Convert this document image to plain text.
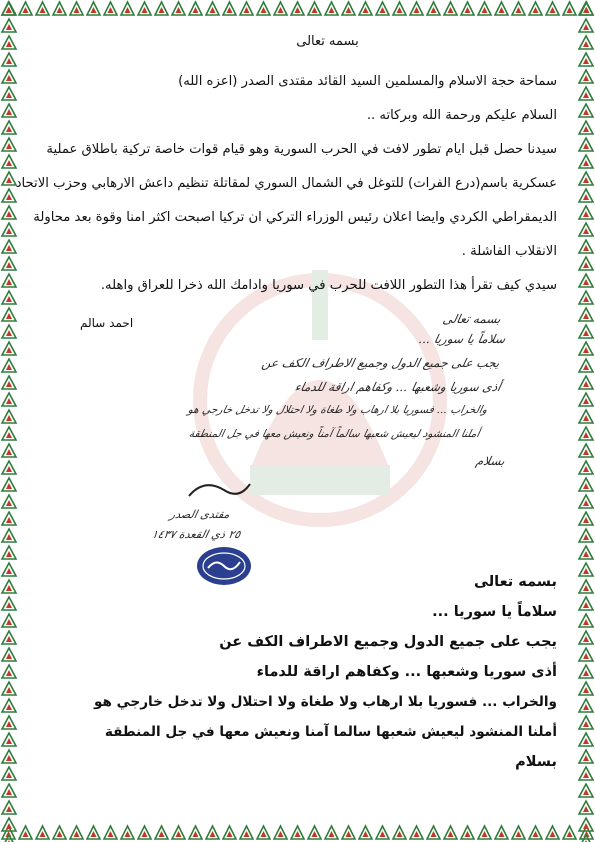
بسمه تعالى
سماحة حجة الاسلام والمسلمين السيد القائد مقتدى الصدر (اعزه الله)
السلام عليكم ورحمة الله وبركاته ..
سيدنا حصل قبل ايام تطور لافت في الحرب السورية وهو قيام قوات خاصة تركية باطلاق عملية
عسكرية باسم(درع الفرات) للتوغل في الشمال السوري لمقاتلة تنظيم داعش الارهابي وحزب الاتحاد
الديمقراطي الكردي وايضا اعلان رئيس الوزراء التركي ان تركيا اصبحت اكثر امنا وقوة بعد محاولة
الانقلاب الفاشلة .
سيدي كيف تقرأ هذا التطور اللافت للحرب في سوريا وادامك الله ذخرا للعراق واهله.
احمد سالم	بسمه تعالى
سلاماً يا سوريا ...
يجب على جميع الدول وجميع الاطراف الكف عن
أذى سوريا وشعبها ... وكفاهم اراقة للدماء
والخراب ... فسوريا بلا ارهاب ولا طغاة ولا احتلال ولا تدخل خارجي هو
أملنا المنشود ليعيش شعبها سالماً آمناً ونعيش معها في جل المنطقة
بسلام
مقتدى الصدر
٢٥ ذي القعدة ١٤٣٧
بسمه تعالى
سلاماً يا سوريا ...
يجب على جميع الدول وجميع الاطراف الكف عن
أذى سوريا وشعبها ... وكفاهم اراقة للدماء
والخراب ... فسوريا بلا ارهاب ولا طغاة ولا احتلال ولا تدخل خارجي هو
أملنا المنشود ليعيش شعبها سالما آمنا ونعيش معها في جل المنطقة
بسلام
